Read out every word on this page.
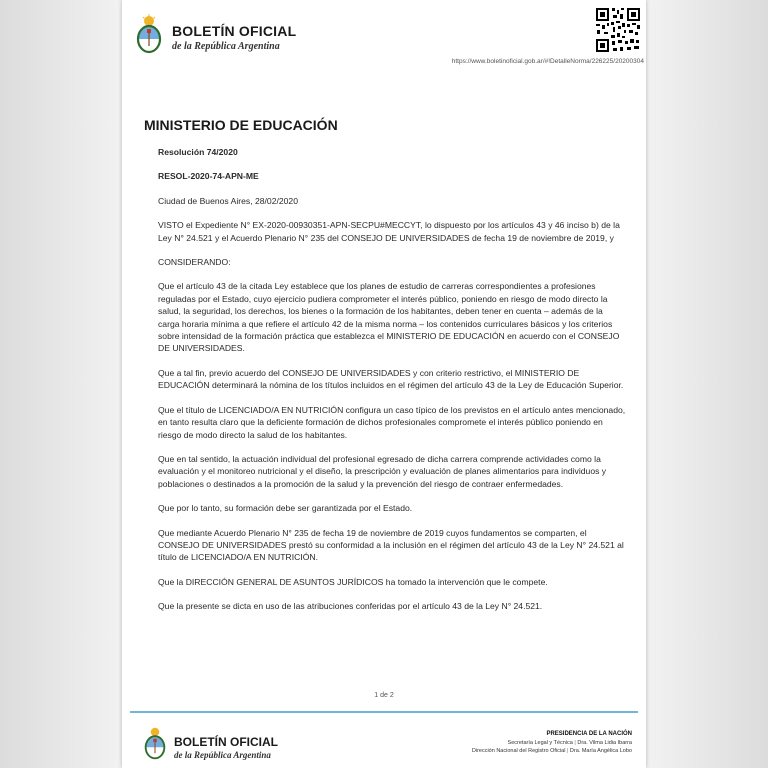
BOLETÍN OFICIAL
de la República Argentina
https://www.boletinoficial.gob.ar/#!DetalleNorma/226225/20200304
MINISTERIO DE EDUCACIÓN

Resolución 74/2020

RESOL-2020-74-APN-ME

Ciudad de Buenos Aires, 28/02/2020

VISTO el Expediente N° EX-2020-00930351-APN-SECPU#MECCYT, lo dispuesto por los artículos 43 y 46 inciso b) de la Ley N° 24.521 y el Acuerdo Plenario N° 235 del CONSEJO DE UNIVERSIDADES de fecha 19 de noviembre de 2019, y

CONSIDERANDO:

Que el artículo 43 de la citada Ley establece que los planes de estudio de carreras correspondientes a profesiones reguladas por el Estado, cuyo ejercicio pudiera comprometer el interés público, poniendo en riesgo de modo directo la salud, la seguridad, los derechos, los bienes o la formación de los habitantes, deben tener en cuenta – además de la carga horaria mínima a que refiere el artículo 42 de la misma norma – los contenidos curriculares básicos y los criterios sobre intensidad de la formación práctica que establezca el MINISTERIO DE EDUCACIÓN en acuerdo con el CONSEJO DE UNIVERSIDADES.

Que a tal fin, previo acuerdo del CONSEJO DE UNIVERSIDADES y con criterio restrictivo, el MINISTERIO DE EDUCACIÓN determinará la nómina de los títulos incluidos en el régimen del artículo 43 de la Ley de Educación Superior.

Que el título de LICENCIADO/A EN NUTRICIÓN configura un caso típico de los previstos en el artículo antes mencionado, en tanto resulta claro que la deficiente formación de dichos profesionales compromete el interés público poniendo en riesgo de modo directo la salud de los habitantes.

Que en tal sentido, la actuación individual del profesional egresado de dicha carrera comprende actividades como la evaluación y el monitoreo nutricional y el diseño, la prescripción y evaluación de planes alimentarios para individuos y poblaciones o destinados a la promoción de la salud y la prevención del riesgo de contraer enfermedades.

Que por lo tanto, su formación debe ser garantizada por el Estado.

Que mediante Acuerdo Plenario N° 235 de fecha 19 de noviembre de 2019 cuyos fundamentos se comparten, el CONSEJO DE UNIVERSIDADES prestó su conformidad a la inclusión en el régimen del artículo 43 de la Ley N° 24.521 al título de LICENCIADO/A EN NUTRICIÓN.

Que la DIRECCIÓN GENERAL DE ASUNTOS JURÍDICOS ha tomado la intervención que le compete.

Que la presente se dicta en uso de las atribuciones conferidas por el artículo 43 de la Ley N° 24.521.

1 de 2
BOLETÍN OFICIAL
de la República Argentina
PRESIDENCIA DE LA NACIÓN
Secretaría Legal y Técnica | Dra. Vilma Lidia Ibarra
Dirección Nacional del Registro Oficial | Dra. María Angélica Lobo
